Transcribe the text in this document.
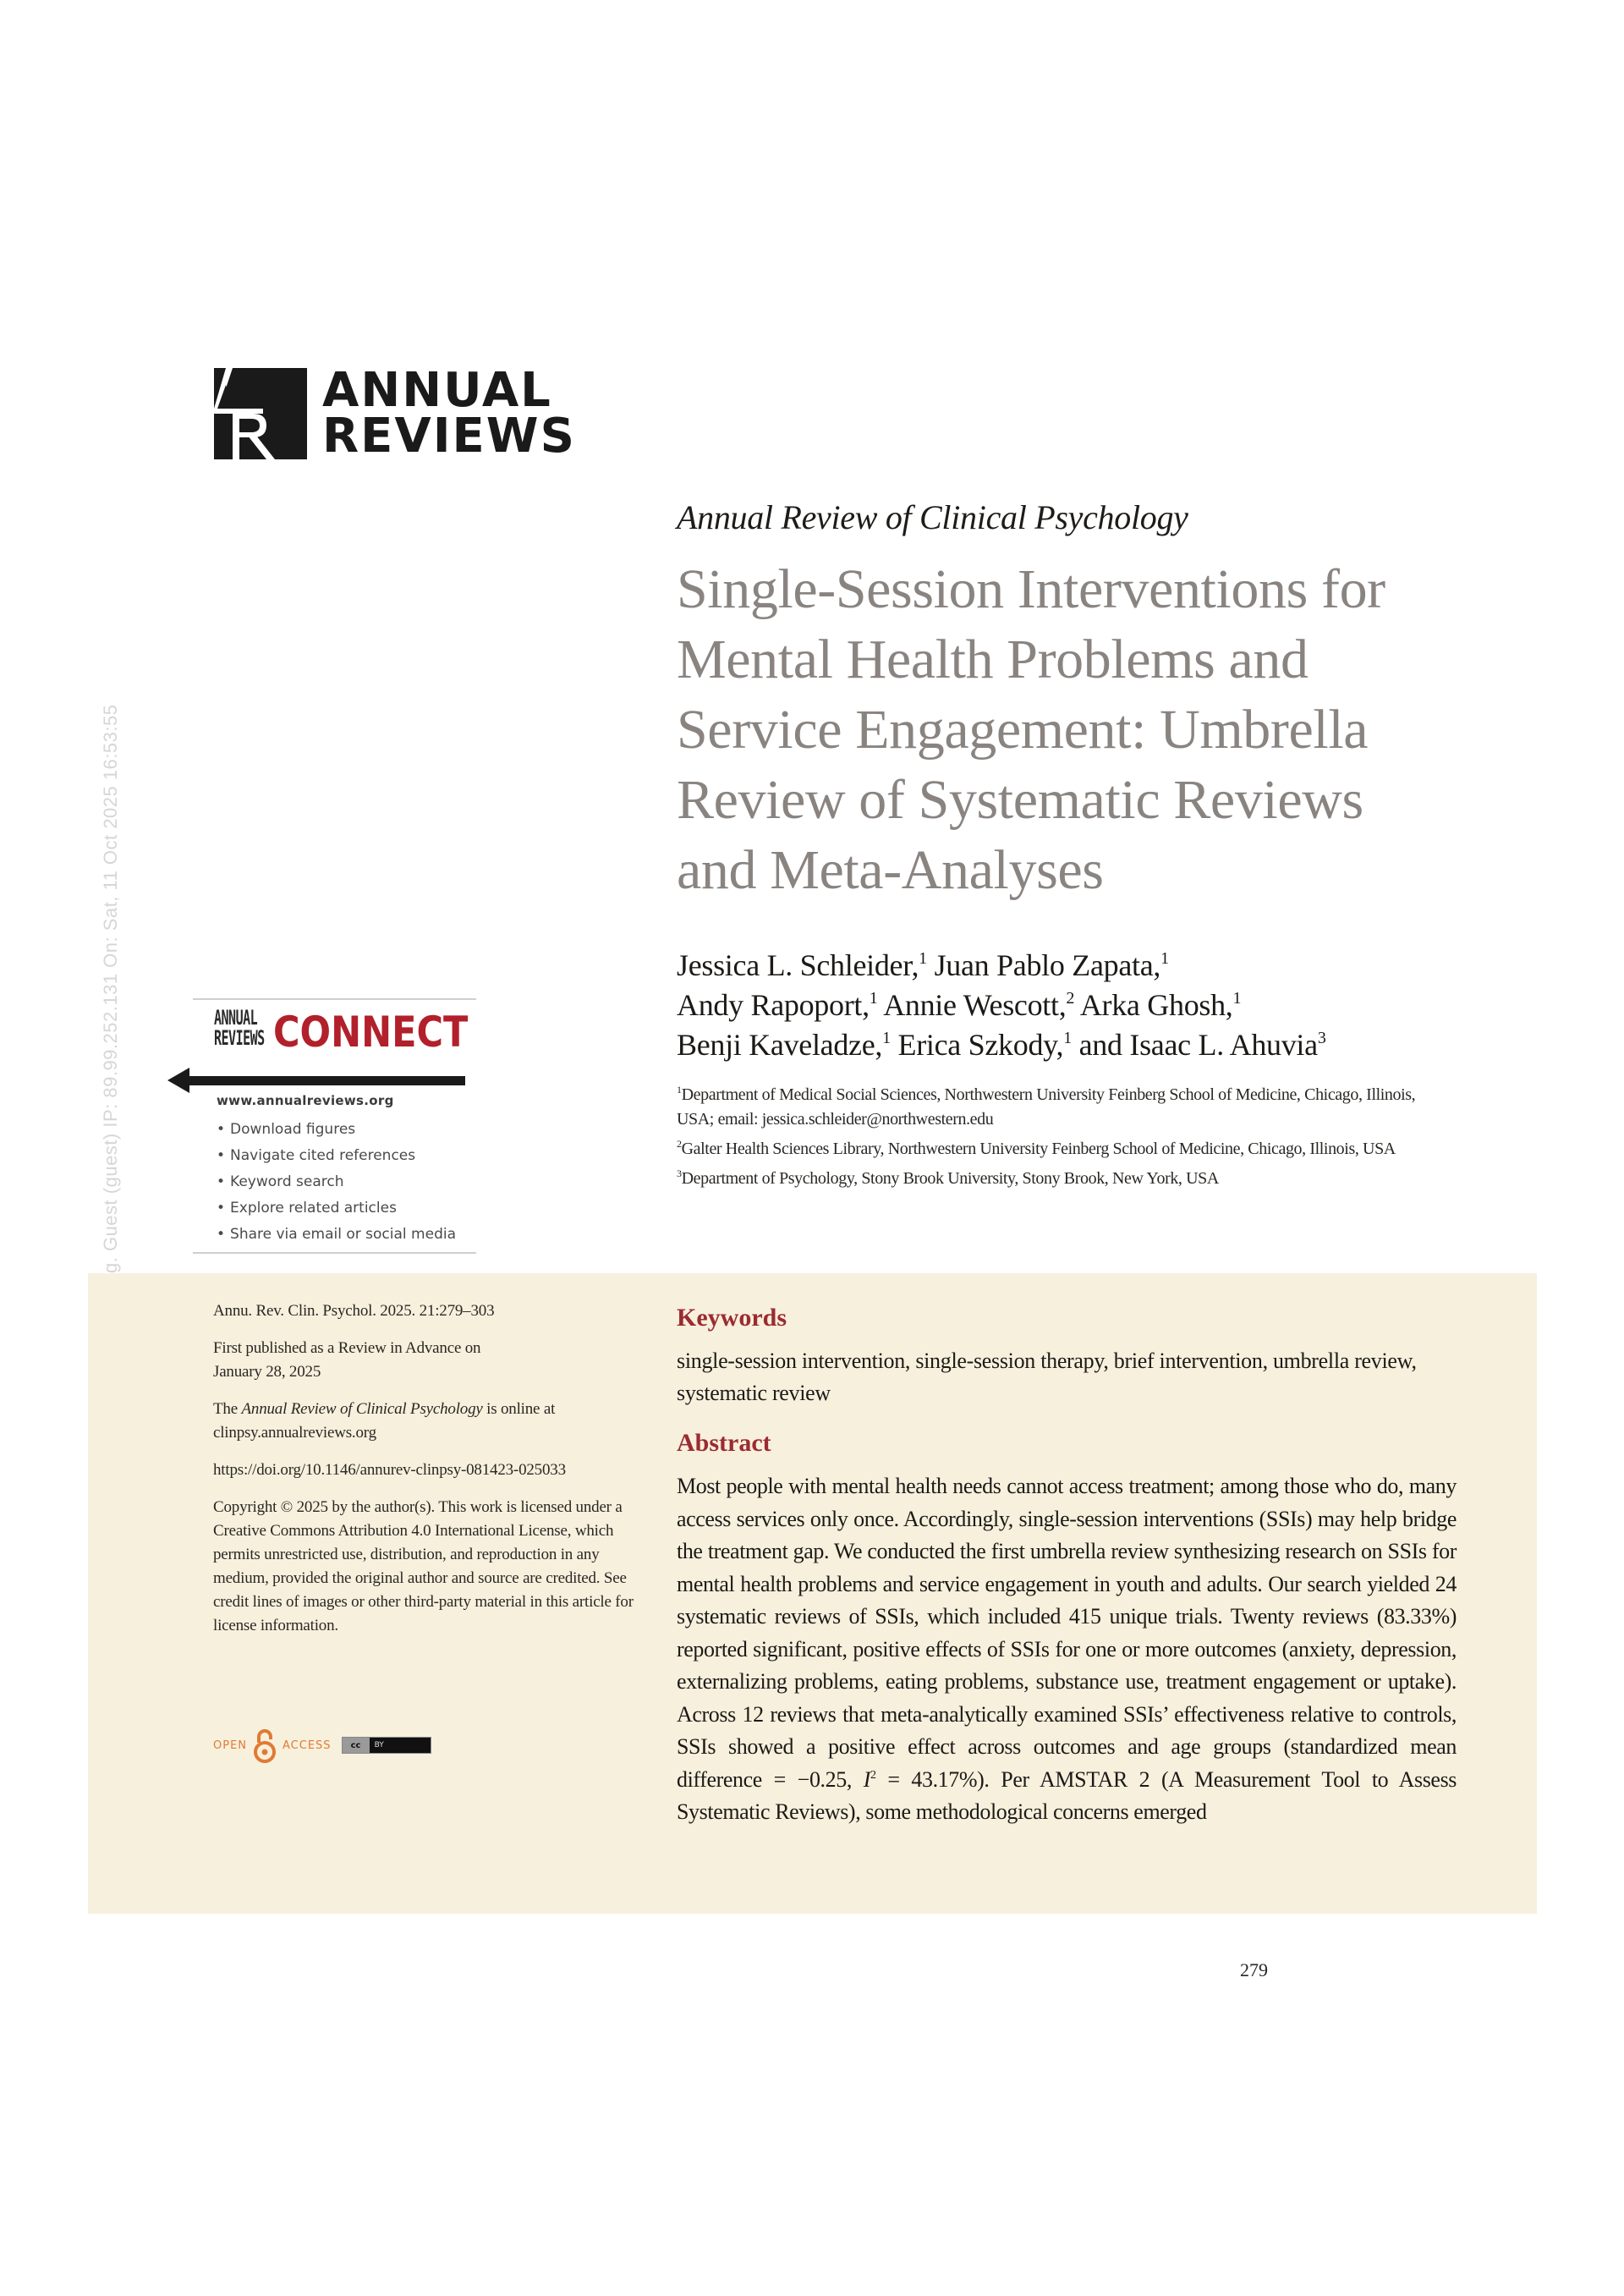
g. Guest (guest) IP: 89.99.252.131 On: Sat, 11 Oct 2025 16:53:55
ANNUAL
REVIEWS
ANNUAL
REVIEWS CONNECT
www.annualreviews.org
• Download figures
• Navigate cited references
• Keyword search
• Explore related articles
• Share via email or social media
Annual Review of Clinical Psychology
Single-Session Interventions for
Mental Health Problems and
Service Engagement: Umbrella
Review of Systematic Reviews
and Meta-Analyses
Jessica L. Schleider,$^1$ Juan Pablo Zapata,$^1$
Andy Rapoport,$^1$ Annie Wescott,$^2$ Arka Ghosh,$^1$
Benji Kaveladze,$^1$ Erica Szkody,$^1$ and Isaac L. Ahuvia$^3$

$^1$Department of Medical Social Sciences, Northwestern University Feinberg School of Medicine, Chicago, Illinois, USA; email: jessica.schleider@northwestern.edu

$^2$Galter Health Sciences Library, Northwestern University Feinberg School of Medicine, Chicago, Illinois, USA

$^3$Department of Psychology, Stony Brook University, Stony Brook, New York, USA

Annu. Rev. Clin. Psychol. 2025. 21:279–303

First published as a Review in Advance on
January 28, 2025

The Annual Review of Clinical Psychology is online at
clinpsy.annualreviews.org

https://doi.org/10.1146/annurev-clinpsy-081423-025033

Copyright © 2025 by the author(s). This work is licensed under a Creative Commons Attribution 4.0 International License, which permits unrestricted use, distribution, and reproduction in any medium, provided the original author and source are credited. See credit lines of images or other third-party material in this article for license information.

OPEN	ACCESS	cc	BY
Keywords

single-session intervention, single-session therapy, brief intervention, umbrella review, systematic review

Abstract

Most people with mental health needs cannot access treatment; among those who do, many access services only once. Accordingly, single-session interventions (SSIs) may help bridge the treatment gap. We conducted the first umbrella review synthesizing research on SSIs for mental health problems and service engagement in youth and adults. Our search yielded 24 systematic reviews of SSIs, which included 415 unique trials. Twenty reviews (83.33%) reported significant, positive effects of SSIs for one or more outcomes (anxiety, depression, externalizing problems, eating problems, substance use, treatment engagement or uptake). Across 12 reviews that meta-analytically examined SSIs’ effectiveness relative to controls, SSIs showed a positive effect across outcomes and age groups (standardized mean difference = −0.25, $I^2 = 43.17\%$). Per AMSTAR 2 (A Measurement Tool to Assess Systematic Reviews), some methodological concerns emerged

279
